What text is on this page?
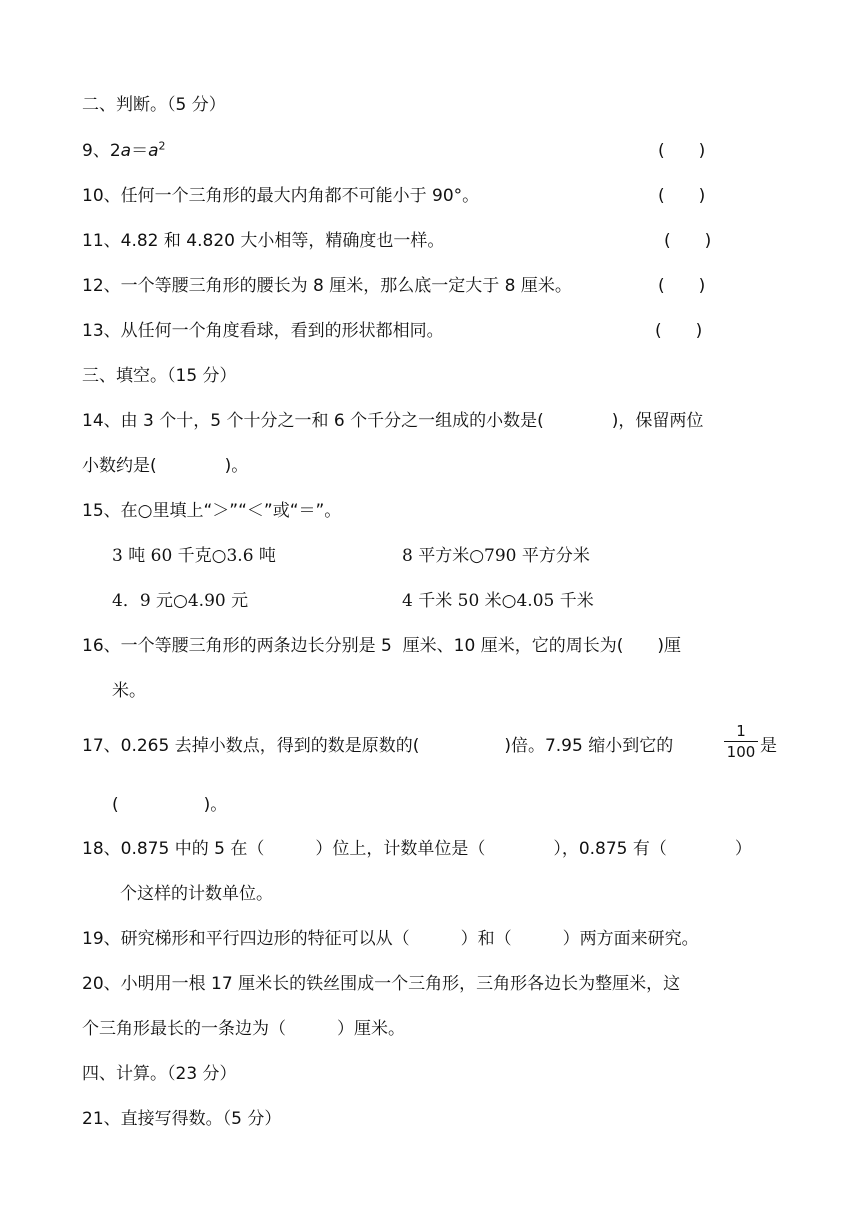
二、判断。（5 分）
9、$2a=a^2$	(　　)
10、任何一个三角形的最大内角都不可能小于 90°。	(　　)
11、4.82 和 4.820 大小相等，精确度也一样。	(　　)
12、一个等腰三角形的腰长为 8 厘米，那么底一定大于 8 厘米。	(　　)
13、从任何一个角度看球，看到的形状都相同。	(　　)
三、填空。（15 分）
14、由 3 个十，5 个十分之一和 6 个千分之一组成的小数是(　　　　)，保留两位
小数约是(　　　　)。
15、在○里填上“＞”“＜”或“＝”。
3 吨 60 千克○3.6 吨	8 平方米○790 平方分米
4．9 元○4.90 元	4 千米 50 米○4.05 千米
16、一个等腰三角形的两条边长分别是 5  厘米、10 厘米，它的周长为(　　)厘
米。
17、0.265 去掉小数点，得到的数是原数的(　　　　　)倍。7.95 缩小到它的
1
100 是
(　　　　　)。
18、0.875 中的 5 在（　　　）位上，计数单位是（　　　　），0.875 有（　　　　）
个这样的计数单位。
19、研究梯形和平行四边形的特征可以从（　　　）和（　　　）两方面来研究。
20、小明用一根 17 厘米长的铁丝围成一个三角形，三角形各边长为整厘米，这
个三角形最长的一条边为（　　　）厘米。
四、计算。（23 分）
21、直接写得数。（5 分）
